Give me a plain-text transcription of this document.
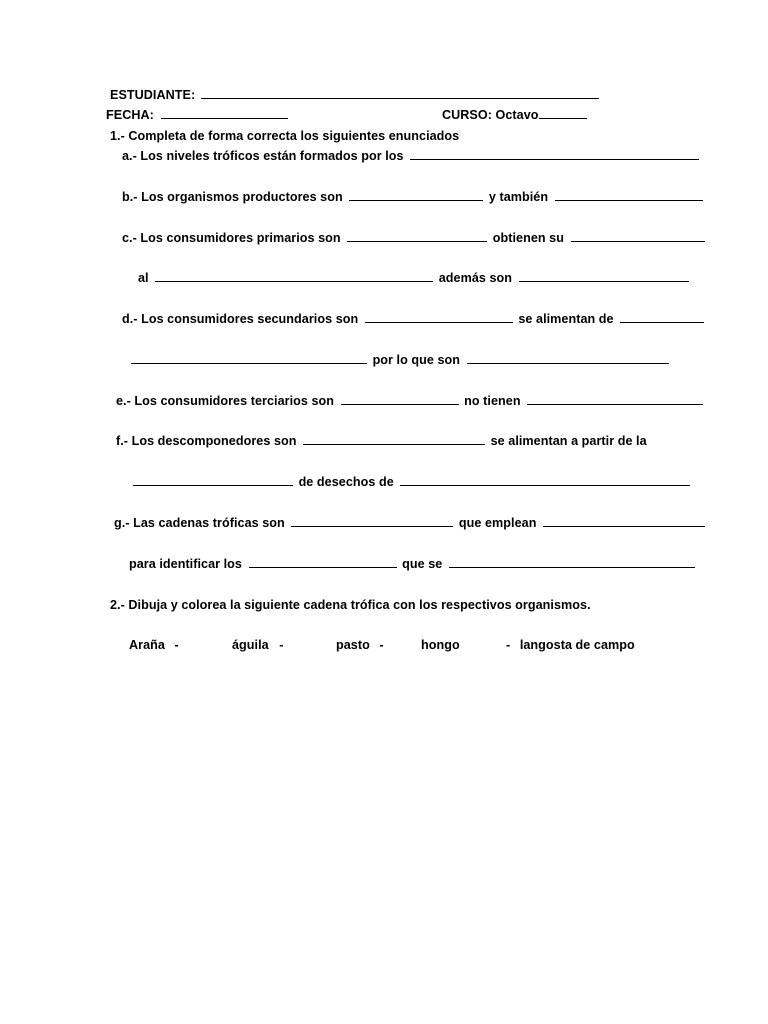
ESTUDIANTE:
FECHA:	CURSO: Octavo
1.- Completa de forma correcta los siguientes enunciados
a.- Los niveles tróficos están formados por los
b.- Los organismos productores son	y también
c.- Los consumidores primarios son	obtienen su
al	además son
d.- Los consumidores secundarios son	se alimentan de
por lo que son
e.- Los consumidores terciarios son	no tienen
f.- Los descomponedores son	se alimentan a partir de la
de desechos de
g.- Las cadenas tróficas son	que emplean
para identificar los	que se
2.- Dibuja y colorea la siguiente cadena trófica con los respectivos organismos.
Araña -	águila -	pasto -	hongo	- langosta de campo
